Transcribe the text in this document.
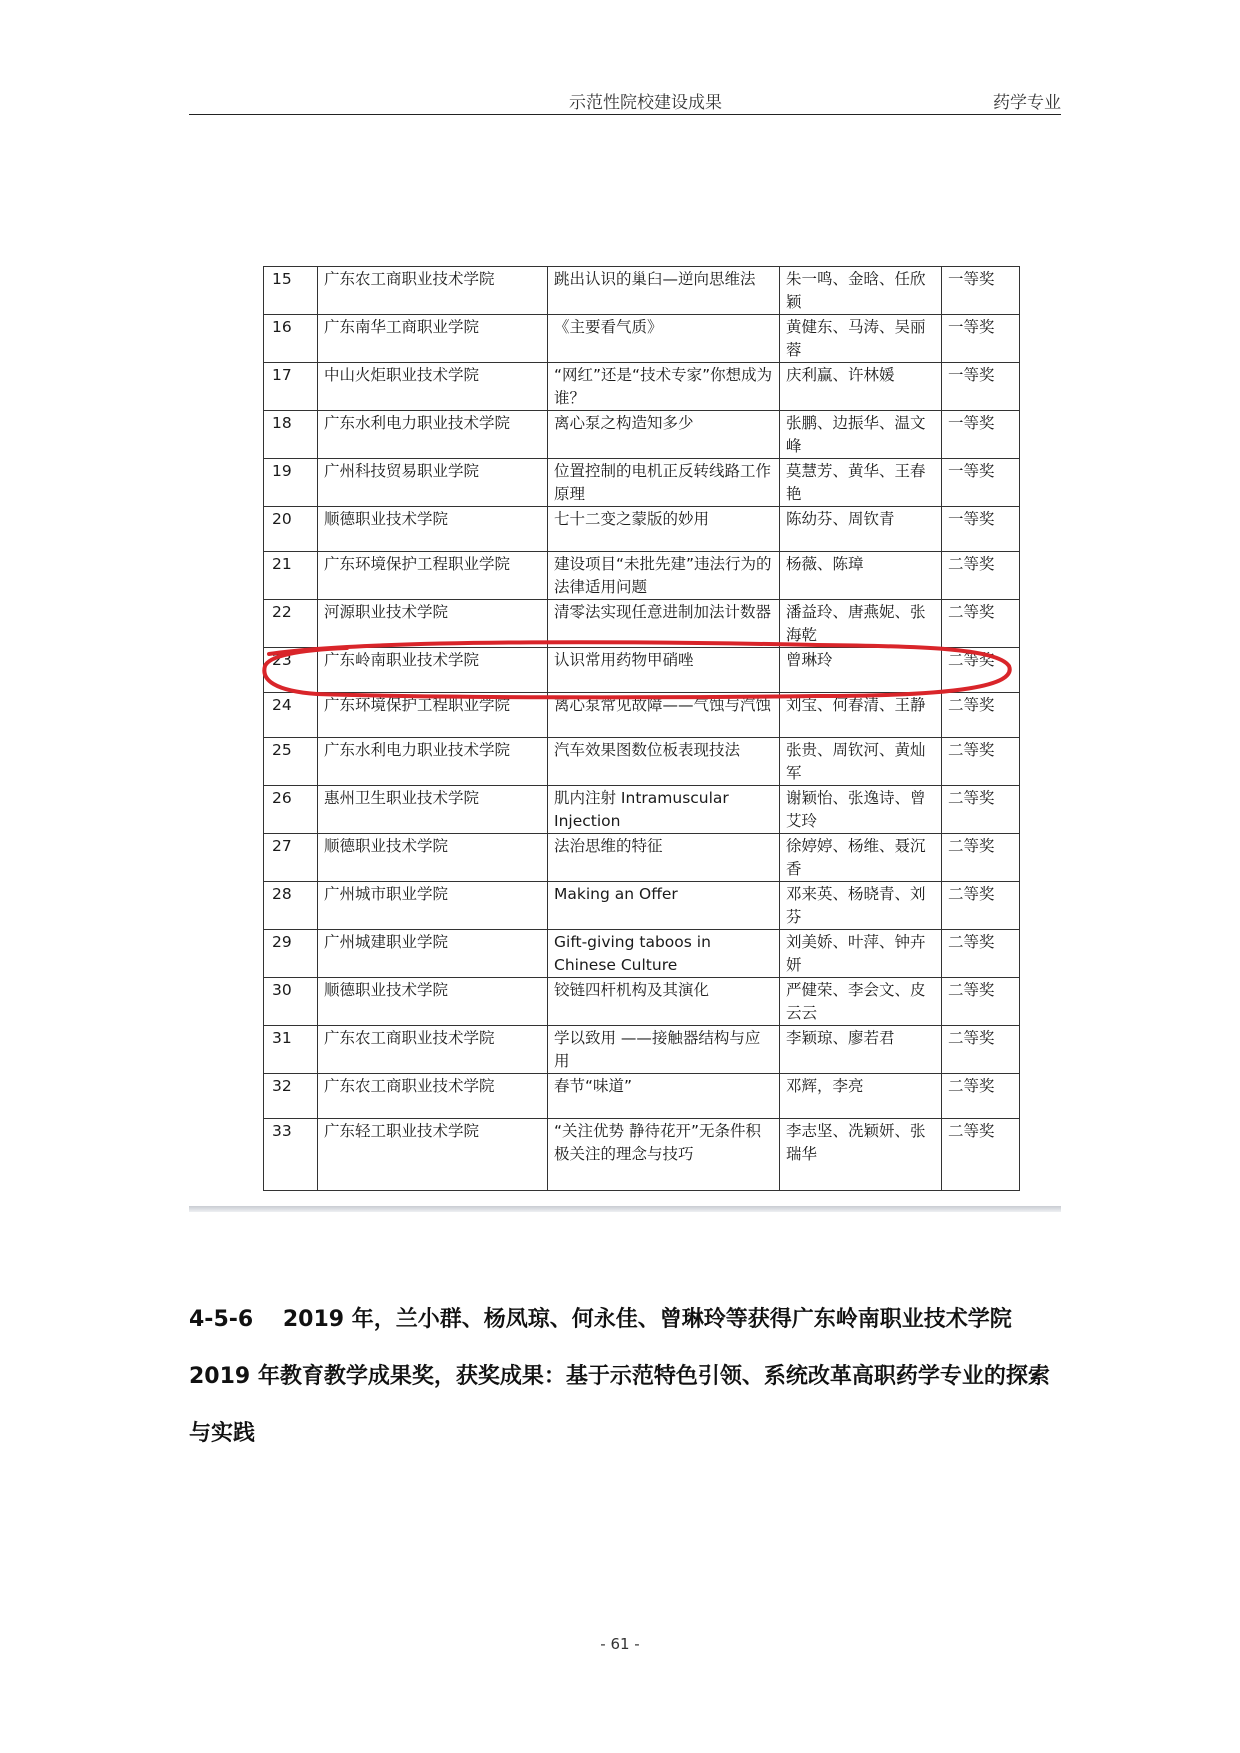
示范性院校建设成果	药学专业
15	广东农工商职业技术学院	跳出认识的巢臼—逆向思维法	朱一鸣、金晗、任欣颖	一等奖
16	广东南华工商职业学院	《主要看气质》	黄健东、马涛、吴丽蓉	一等奖
17	中山火炬职业技术学院	“网红”还是“技术专家”你想成为谁？	庆利赢、许林媛	一等奖
18	广东水利电力职业技术学院	离心泵之构造知多少	张鹏、边振华、温文峰	一等奖
19	广州科技贸易职业学院	位置控制的电机正反转线路工作原理	莫慧芳、黄华、王春艳	一等奖
20	顺德职业技术学院	七十二变之蒙版的妙用	陈幼芬、周钦青	一等奖
21	广东环境保护工程职业学院	建设项目“未批先建”违法行为的法律适用问题	杨薇、陈璋	二等奖
22	河源职业技术学院	清零法实现任意进制加法计数器	潘益玲、唐燕妮、张海乾	二等奖
23	广东岭南职业技术学院	认识常用药物甲硝唑	曾琳玲	二等奖
24	广东环境保护工程职业学院	离心泵常见故障——气蚀与汽蚀	刘宝、何春清、王静	二等奖
25	广东水利电力职业技术学院	汽车效果图数位板表现技法	张贵、周钦河、黄灿军	二等奖
26	惠州卫生职业技术学院	肌内注射 Intramuscular Injection	谢颖怡、张逸诗、曾艾玲	二等奖
27	顺德职业技术学院	法治思维的特征	徐婷婷、杨维、聂沉香	二等奖
28	广州城市职业学院	Making an Offer	邓来英、杨晓青、刘芬	二等奖
29	广州城建职业学院	Gift-giving taboos in Chinese Culture	刘美娇、叶萍、钟卉妍	二等奖
30	顺德职业技术学院	铰链四杆机构及其演化	严健荣、李会文、皮云云	二等奖
31	广东农工商职业技术学院	学以致用 ——接触器结构与应用	李颖琼、廖若君	二等奖
32	广东农工商职业技术学院	春节“味道”	邓辉，李亮	二等奖
33	广东轻工职业技术学院	“关注优势 静待花开”无条件积极关注的理念与技巧	李志坚、冼颖妍、张瑞华	二等奖
4-5-6　 2019 年，兰小群、杨凤琼、何永佳、曾琳玲等获得广东岭南职业技术学院 2019 年教育教学成果奖，获奖成果：基于示范特色引领、系统改革高职药学专业的探索与实践
- 61 -
